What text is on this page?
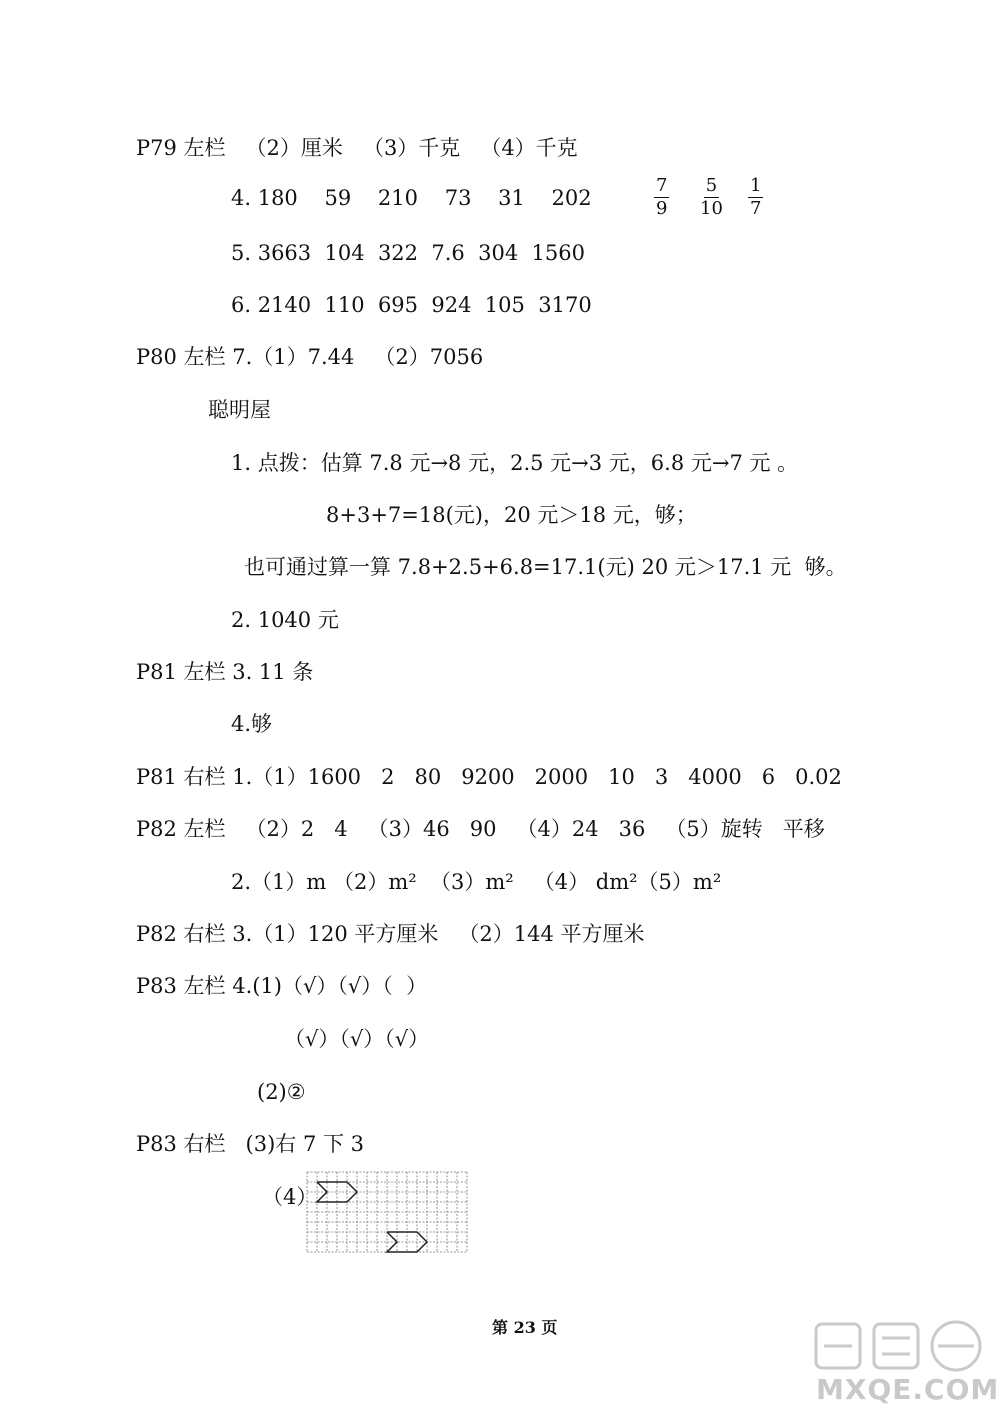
P79 左栏   （2）厘米   （3）千克   （4）千克
4. 180    59    210    73    31    202	$\frac{7}{9} \frac{5}{10} \frac{1}{7}$
5. 3663  104  322  7.6  304  1560
6. 2140  110  695  924  105  3170
P80 左栏 7.（1）7.44   （2）7056
聪明屋
1. 点拨：估算 7.8 元→8 元，2.5 元→3 元，6.8 元→7 元 。
8+3+7=18(元)，20 元＞18 元，够；
也可通过算一算 7.8+2.5+6.8=17.1(元) 20 元＞17.1 元  够。
2. 1040 元
P81 左栏 3. 11 条
4.够
P81 右栏 1.（1）1600   2   80   9200   2000   10   3   4000   6   0.02
P82 左栏   （2）2   4   （3）46   90   （4）24   36   （5）旋转   平移
2.（1）m （2）m²  （3）m²   （4） dm²（5）m²
P82 右栏 3.（1）120 平方厘米   （2）144 平方厘米
P83 左栏 4.(1)（√）（√）（  ）
（√）（√）（√）
(2)②
P83 右栏   (3)右 7 下 3
（4）
第 23 页
MXQE.COM
